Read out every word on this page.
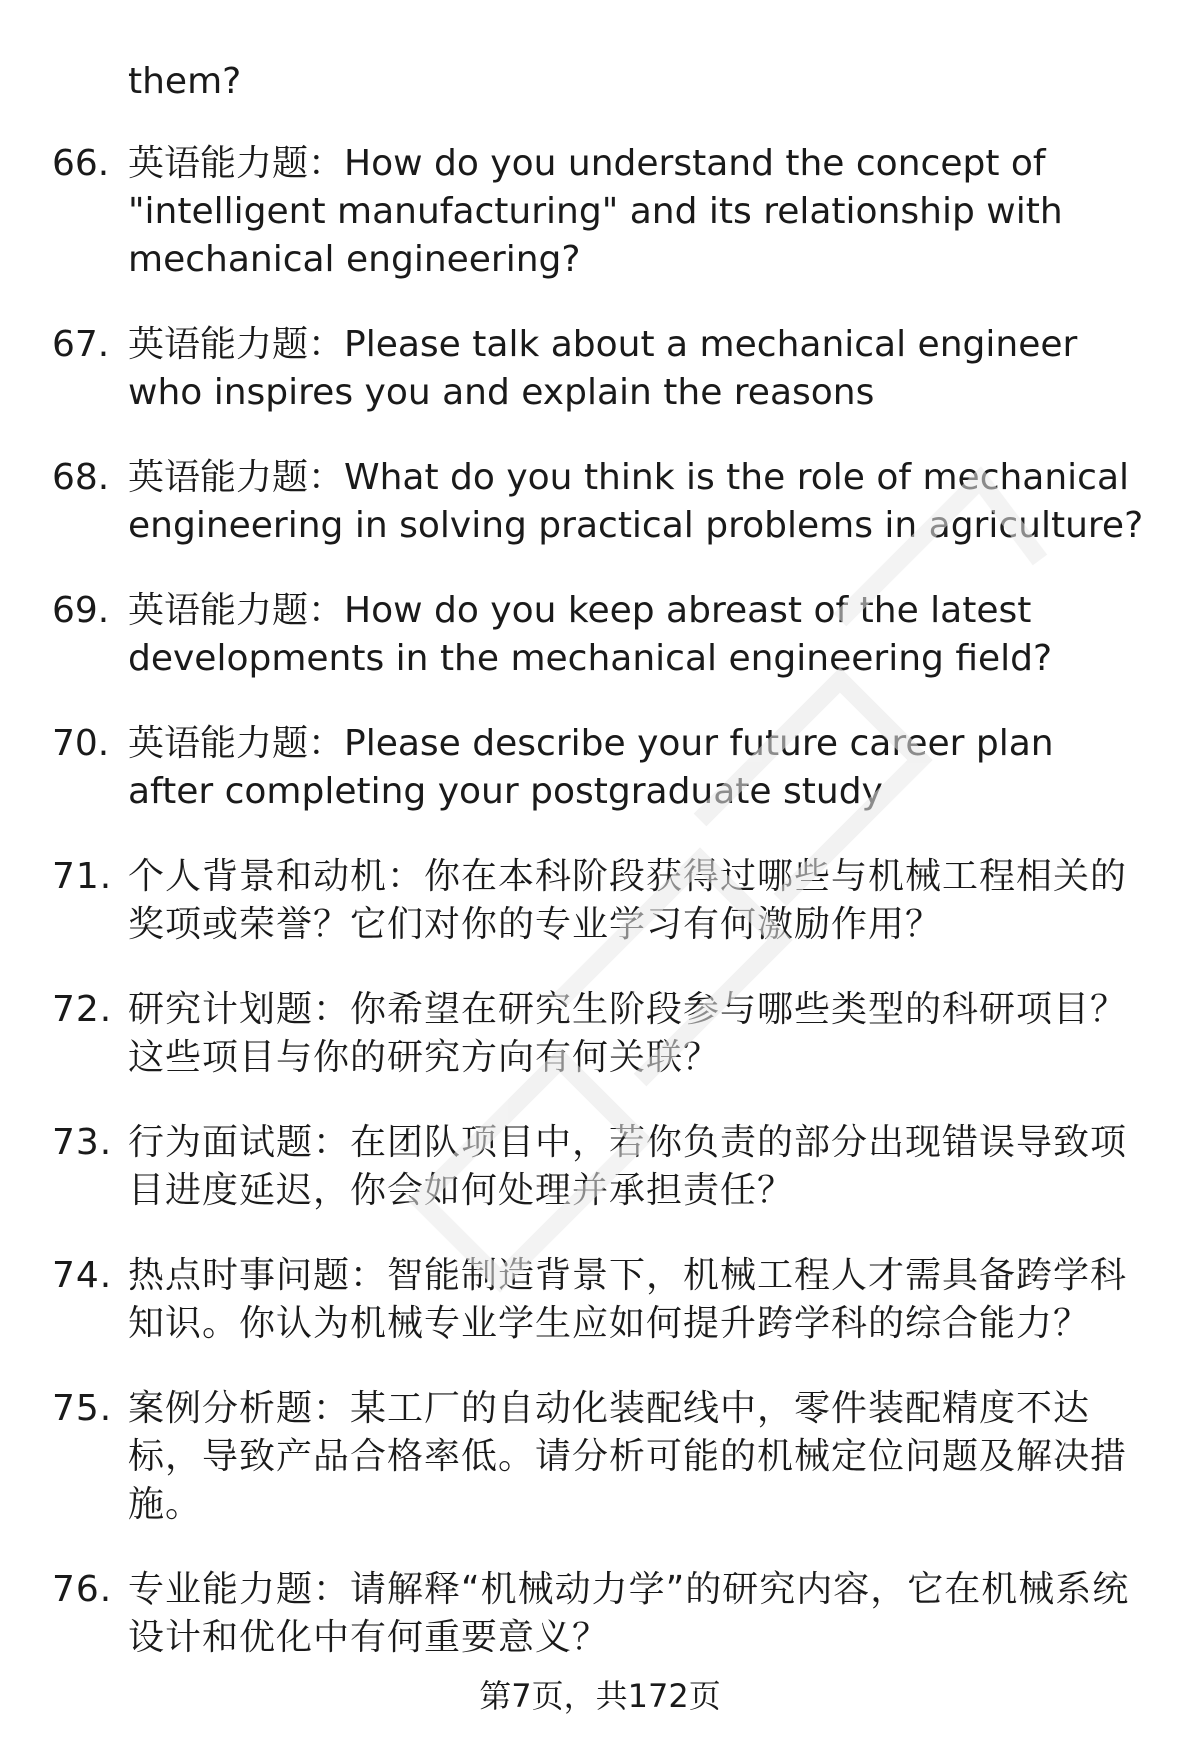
them?

66. 英语能力题：How do you understand the concept of "intelligent manufacturing" and its relationship with mechanical engineering?
67. 英语能力题：Please talk about a mechanical engineer who inspires you and explain the reasons
68. 英语能力题：What do you think is the role of mechanical engineering in solving practical problems in agriculture?
69. 英语能力题：How do you keep abreast of the latest developments in the mechanical engineering field?
70. 英语能力题：Please describe your future career plan after completing your postgraduate study
71. 个人背景和动机：你在本科阶段获得过哪些与机械工程相关的奖项或荣誉？它们对你的专业学习有何激励作用？
72. 研究计划题：你希望在研究生阶段参与哪些类型的科研项目？这些项目与你的研究方向有何关联？
73. 行为面试题：在团队项目中，若你负责的部分出现错误导致项目进度延迟，你会如何处理并承担责任？
74. 热点时事问题：智能制造背景下，机械工程人才需具备跨学科知识。你认为机械专业学生应如何提升跨学科的综合能力？
75. 案例分析题：某工厂的自动化装配线中，零件装配精度不达标，导致产品合格率低。请分析可能的机械定位问题及解决措施。
76. 专业能力题：请解释“机械动力学”的研究内容，它在机械系统设计和优化中有何重要意义？
第7页，共172页
